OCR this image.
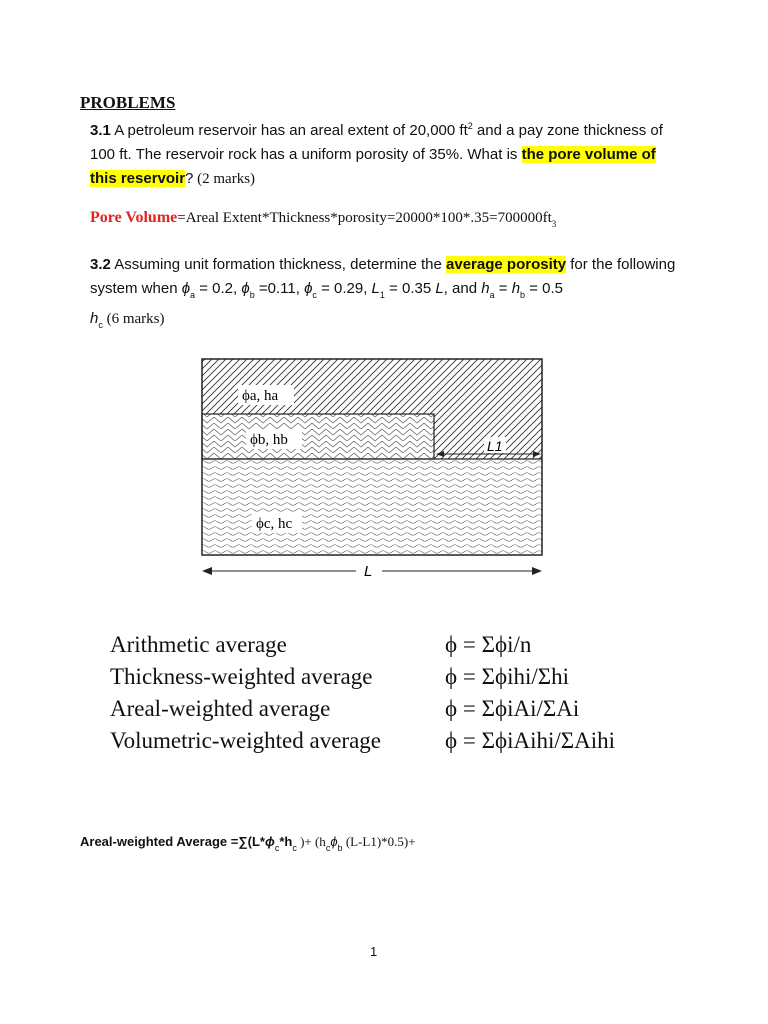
PROBLEMS
3.1 A petroleum reservoir has an areal extent of 20,000 $ft^2$ and a pay zone thickness of 100 ft. The reservoir rock has a uniform porosity of 35%. What is the pore volume of this reservoir? (2 marks)
Pore Volume=Areal $Extent*Thickness*porosity=20000*100*.35=700000ft_3$
3.2 Assuming unit formation thickness, determine the average porosity for the following system when $\phi_a = 0.2$, $\phi_b =0.11$, $\phi_c = 0.29$, $L_1 = 0.35$ L, and $h_a = h_b = 0.5$
$h_c$ (6 marks)
ϕa, ha
ϕb, hb
ϕc, hc
L1
L
Arithmetic average	ϕ = Σϕi/n
Thickness-weighted average	ϕ = Σϕihi/Σhi
Areal-weighted average	ϕ = ΣϕiAi/ΣAi
Volumetric-weighted average	ϕ = ΣϕiAihi/ΣAihi
Areal-weighted Average $=\sum(L*\phi_c*h_c$ )+ ($h_c\phi_b$ (L-L1)*0.5)+
1
